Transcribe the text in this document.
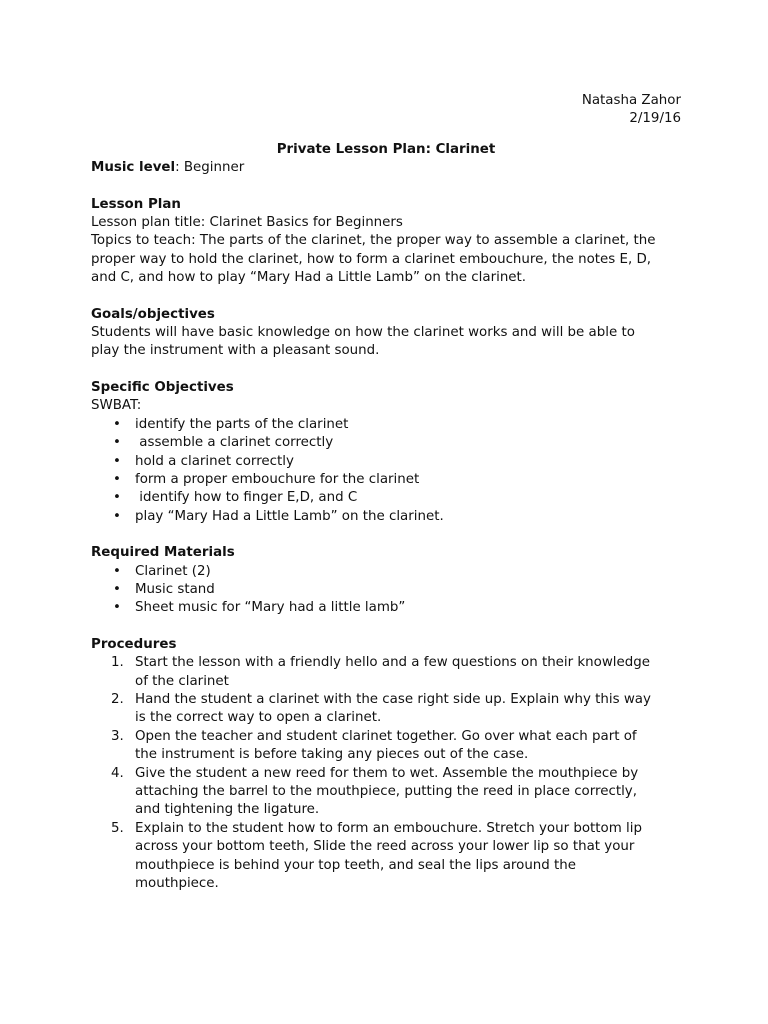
Natasha Zahor
2/19/16
Private Lesson Plan: Clarinet
Music level: Beginner
Lesson Plan
Lesson plan title: Clarinet Basics for Beginners
Topics to teach: The parts of the clarinet, the proper way to assemble a clarinet, the
proper way to hold the clarinet, how to form a clarinet embouchure, the notes E, D,
and C, and how to play “Mary Had a Little Lamb” on the clarinet.
Goals/objectives
Students will have basic knowledge on how the clarinet works and will be able to
play the instrument with a pleasant sound.
Specific Objectives
SWBAT:
• identify the parts of the clarinet
•  assemble a clarinet correctly
• hold a clarinet correctly
• form a proper embouchure for the clarinet
•  identify how to finger E,D, and C
• play “Mary Had a Little Lamb” on the clarinet.
Required Materials
• Clarinet (2)
• Music stand
• Sheet music for “Mary had a little lamb”
Procedures
1. Start the lesson with a friendly hello and a few questions on their knowledge
of the clarinet
2. Hand the student a clarinet with the case right side up. Explain why this way
is the correct way to open a clarinet.
3. Open the teacher and student clarinet together. Go over what each part of
the instrument is before taking any pieces out of the case.
4. Give the student a new reed for them to wet. Assemble the mouthpiece by
attaching the barrel to the mouthpiece, putting the reed in place correctly,
and tightening the ligature.
5. Explain to the student how to form an embouchure. Stretch your bottom lip
across your bottom teeth, Slide the reed across your lower lip so that your
mouthpiece is behind your top teeth, and seal the lips around the
mouthpiece.
